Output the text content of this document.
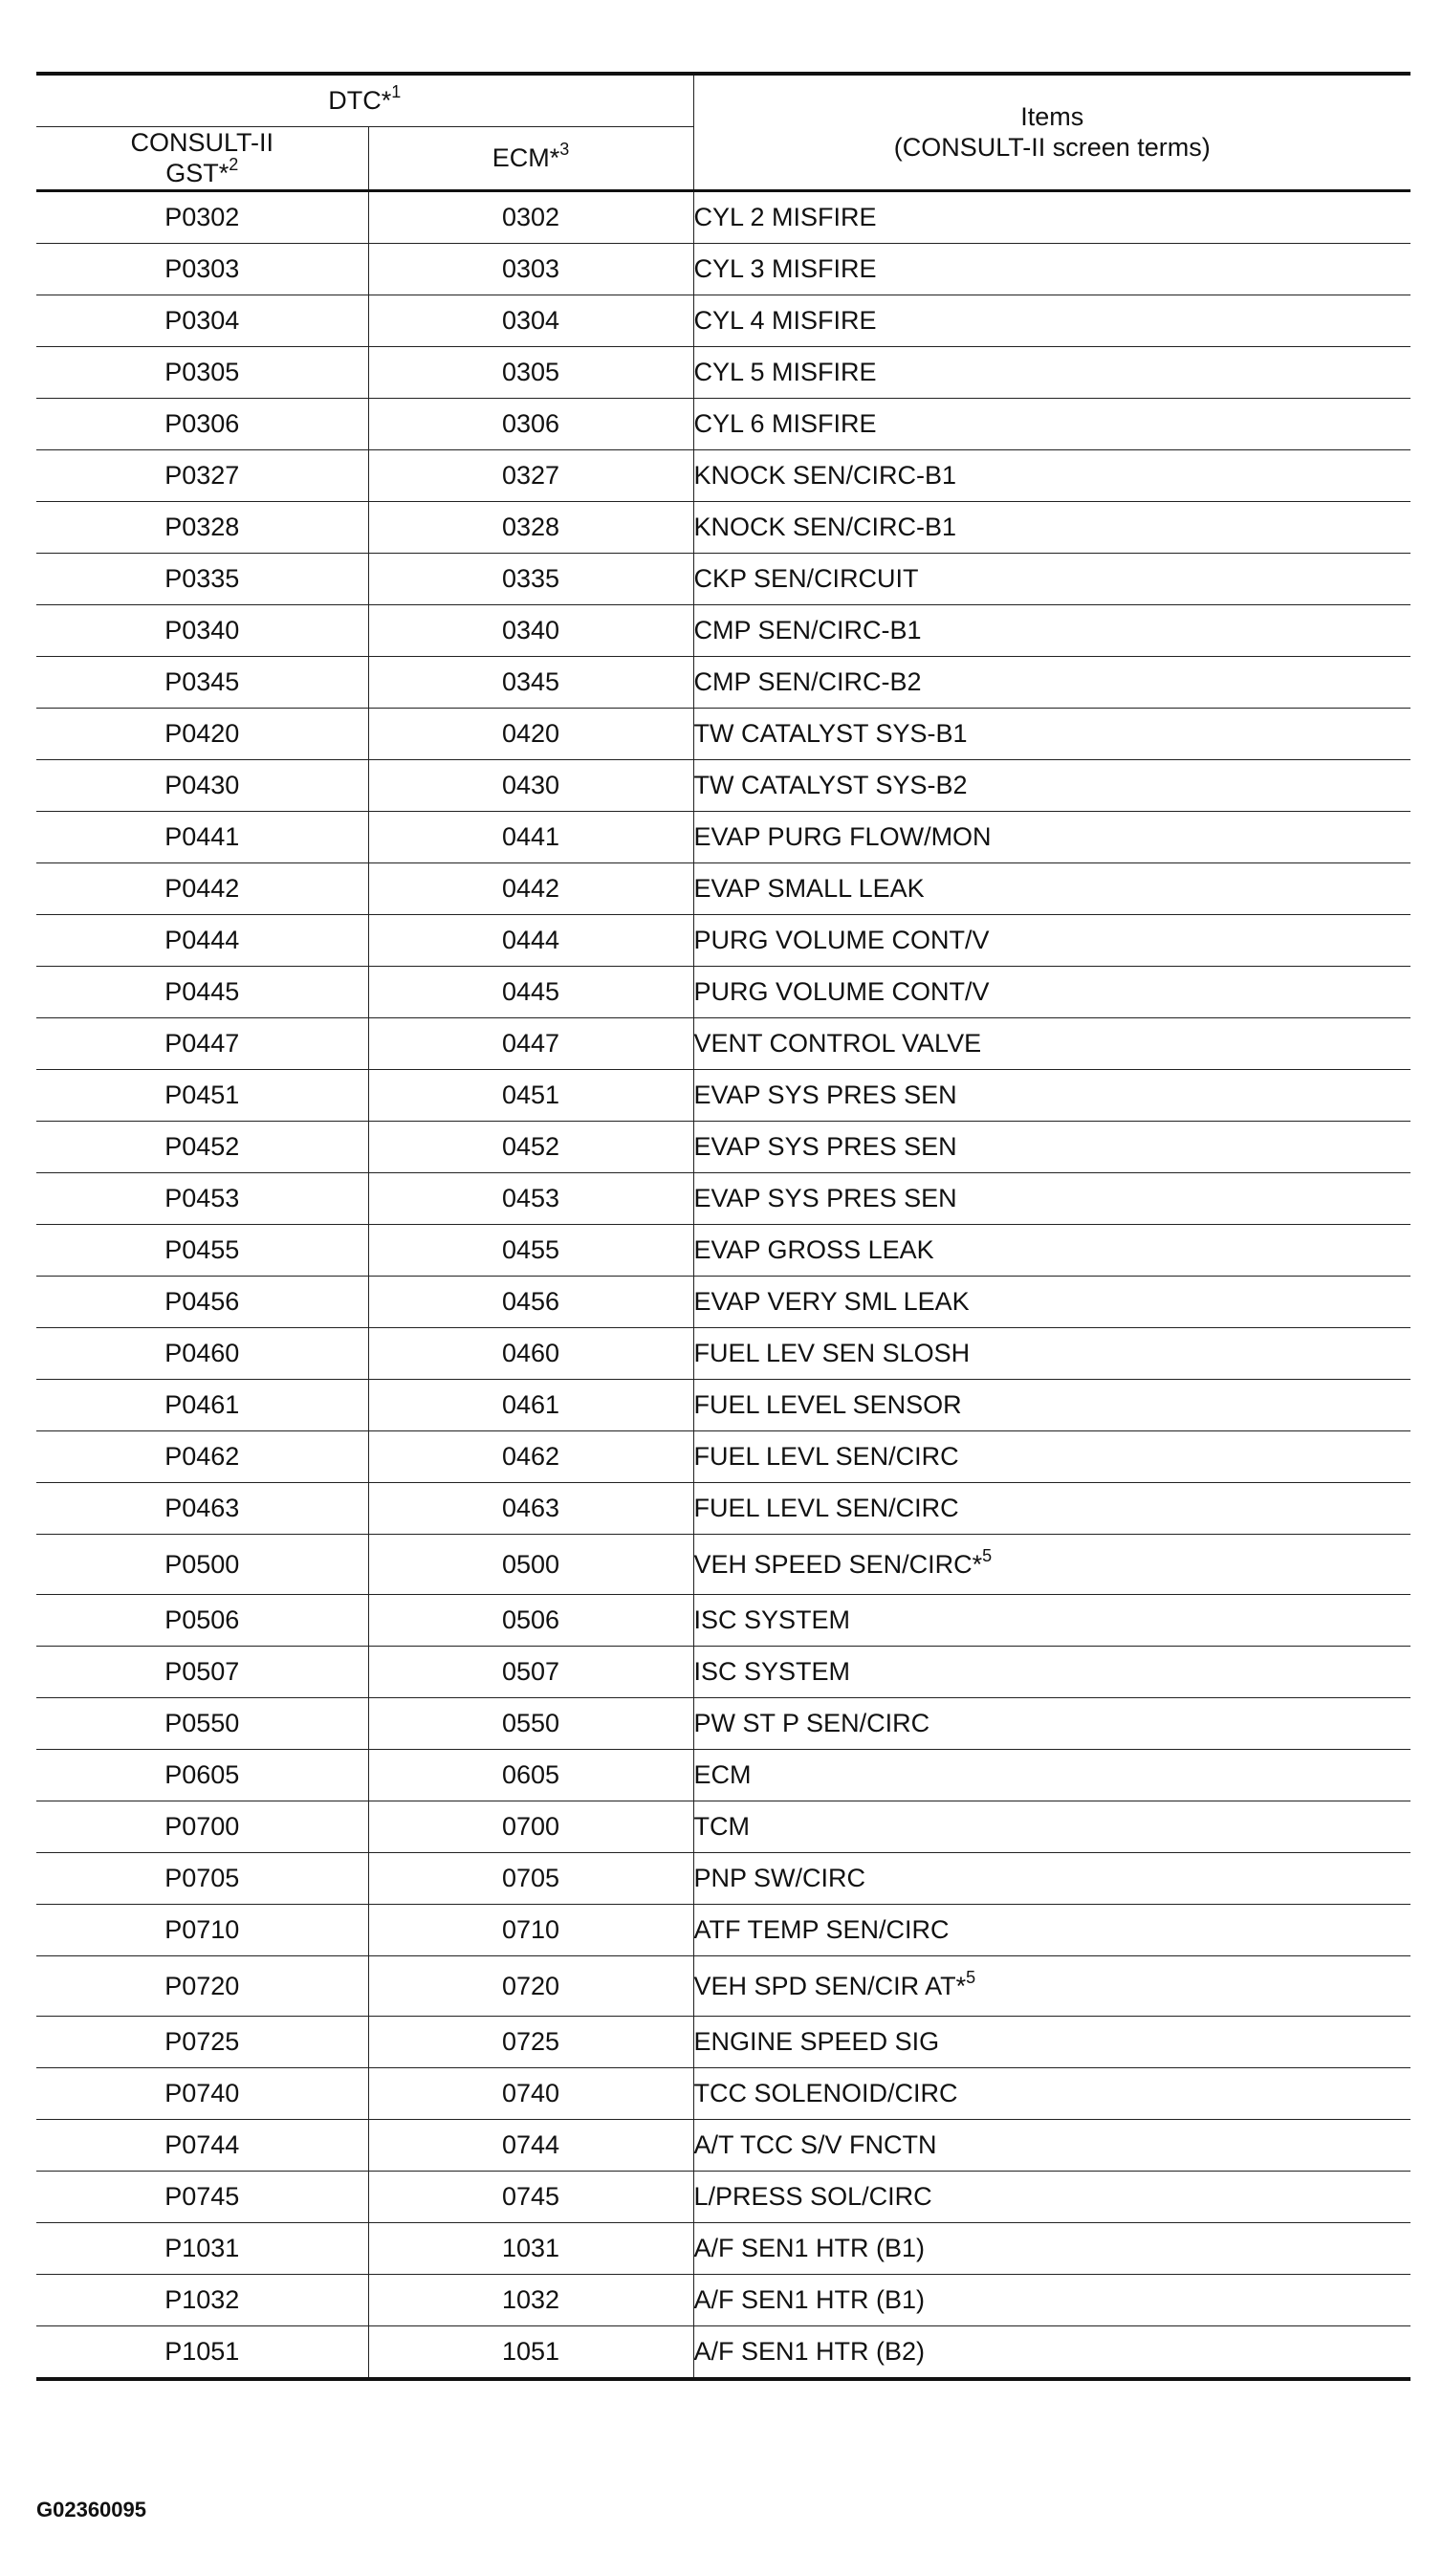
DTC*$^1$		Items
(CONSULT-II screen terms)

CONSULT-II
GST*$^2$	ECM*$^3$
P0302	0302	CYL 2 MISFIRE
P0303	0303	CYL 3 MISFIRE
P0304	0304	CYL 4 MISFIRE
P0305	0305	CYL 5 MISFIRE
P0306	0306	CYL 6 MISFIRE
P0327	0327	KNOCK SEN/CIRC-B1
P0328	0328	KNOCK SEN/CIRC-B1
P0335	0335	CKP SEN/CIRCUIT
P0340	0340	CMP SEN/CIRC-B1
P0345	0345	CMP SEN/CIRC-B2
P0420	0420	TW CATALYST SYS-B1
P0430	0430	TW CATALYST SYS-B2
P0441	0441	EVAP PURG FLOW/MON
P0442	0442	EVAP SMALL LEAK
P0444	0444	PURG VOLUME CONT/V
P0445	0445	PURG VOLUME CONT/V
P0447	0447	VENT CONTROL VALVE
P0451	0451	EVAP SYS PRES SEN
P0452	0452	EVAP SYS PRES SEN
P0453	0453	EVAP SYS PRES SEN
P0455	0455	EVAP GROSS LEAK
P0456	0456	EVAP VERY SML LEAK
P0460	0460	FUEL LEV SEN SLOSH
P0461	0461	FUEL LEVEL SENSOR
P0462	0462	FUEL LEVL SEN/CIRC
P0463	0463	FUEL LEVL SEN/CIRC
P0500	0500	VEH SPEED SEN/CIRC*$^5$
P0506	0506	ISC SYSTEM
P0507	0507	ISC SYSTEM
P0550	0550	PW ST P SEN/CIRC
P0605	0605	ECM
P0700	0700	TCM
P0705	0705	PNP SW/CIRC
P0710	0710	ATF TEMP SEN/CIRC
P0720	0720	VEH SPD SEN/CIR AT*$^5$
P0725	0725	ENGINE SPEED SIG
P0740	0740	TCC SOLENOID/CIRC
P0744	0744	A/T TCC S/V FNCTN
P0745	0745	L/PRESS SOL/CIRC
P1031	1031	A/F SEN1 HTR (B1)
P1032	1032	A/F SEN1 HTR (B1)
P1051	1051	A/F SEN1 HTR (B2)
G02360095
